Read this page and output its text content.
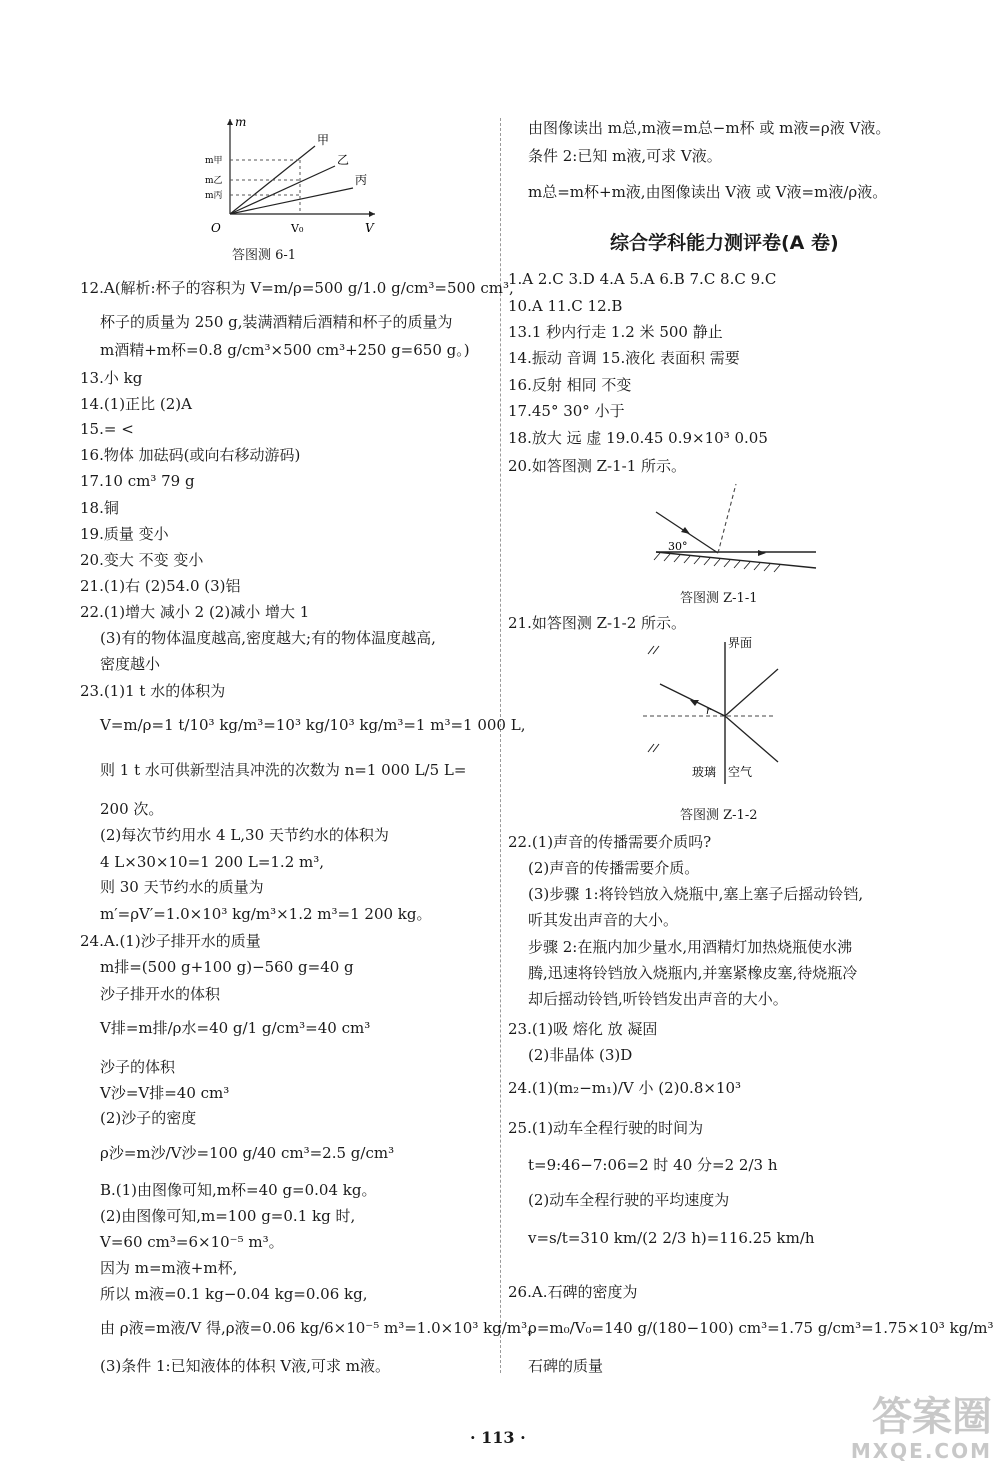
m
m甲
m乙
m丙
O	V₀	V
甲
乙
丙
答图测 6-1
12.A(解析:杯子的容积为 V=m/ρ=500 g/1.0 g/cm³=500 cm³,
杯子的质量为 250 g,装满酒精后酒精和杯子的质量为
m酒精+m杯=0.8 g/cm³×500 cm³+250 g=650 g。)
13.小 kg
14.(1)正比 (2)A
15.= <
16.物体 加砝码(或向右移动游码)
17.10 cm³ 79 g
18.铜
19.质量 变小
20.变大 不变 变小
21.(1)右 (2)54.0 (3)铝
22.(1)增大 减小 2 (2)减小 增大 1
(3)有的物体温度越高,密度越大;有的物体温度越高,
密度越小
23.(1)1 t 水的体积为
V=m/ρ=1 t/10³ kg/m³=10³ kg/10³ kg/m³=1 m³=1 000 L,
则 1 t 水可供新型洁具冲洗的次数为 n=1 000 L/5 L=
200 次。
(2)每次节约用水 4 L,30 天节约水的体积为
4 L×30×10=1 200 L=1.2 m³,
则 30 天节约水的质量为
m′=ρV′=1.0×10³ kg/m³×1.2 m³=1 200 kg。
24.A.(1)沙子排开水的质量
m排=(500 g+100 g)−560 g=40 g
沙子排开水的体积
V排=m排/ρ水=40 g/1 g/cm³=40 cm³
沙子的体积
V沙=V排=40 cm³
(2)沙子的密度
ρ沙=m沙/V沙=100 g/40 cm³=2.5 g/cm³
B.(1)由图像可知,m杯=40 g=0.04 kg。
(2)由图像可知,m=100 g=0.1 kg 时,
V=60 cm³=6×10⁻⁵ m³。
因为 m=m液+m杯,
所以 m液=0.1 kg−0.04 kg=0.06 kg,
由 ρ液=m液/V 得,ρ液=0.06 kg/6×10⁻⁵ m³=1.0×10³ kg/m³。
(3)条件 1:已知液体的体积 V液,可求 m液。
由图像读出 m总,m液=m总−m杯 或 m液=ρ液 V液。
条件 2:已知 m液,可求 V液。
m总=m杯+m液,由图像读出 V液 或 V液=m液/ρ液。
综合学科能力测评卷(A 卷)
1.A 2.C 3.D 4.A 5.A 6.B 7.C 8.C 9.C
10.A 11.C 12.B
13.1 秒内行走 1.2 米 500 静止
14.振动 音调 15.液化 表面积 需要
16.反射 相同 不变
17.45° 30° 小于
18.放大 远 虚 19.0.45 0.9×10³ 0.05
20.如答图测 Z-1-1 所示。
30°
答图测 Z-1-1
21.如答图测 Z-1-2 所示。
界面
玻璃 空气
r
答图测 Z-1-2
22.(1)声音的传播需要介质吗?
(2)声音的传播需要介质。
(3)步骤 1:将铃铛放入烧瓶中,塞上塞子后摇动铃铛,
听其发出声音的大小。
步骤 2:在瓶内加少量水,用酒精灯加热烧瓶使水沸
腾,迅速将铃铛放入烧瓶内,并塞紧橡皮塞,待烧瓶冷
却后摇动铃铛,听铃铛发出声音的大小。
23.(1)吸 熔化 放 凝固
(2)非晶体 (3)D
24.(1)(m₂−m₁)/V 小 (2)0.8×10³
25.(1)动车全程行驶的时间为
t=9:46−7:06=2 时 40 分=2 2/3 h
(2)动车全程行驶的平均速度为
v=s/t=310 km/(2 2/3 h)=116.25 km/h
26.A.石碑的密度为
ρ=m₀/V₀=140 g/(180−100) cm³=1.75 g/cm³=1.75×10³ kg/m³
石碑的质量
· 113 ·	答案圈
MXQE.COM
